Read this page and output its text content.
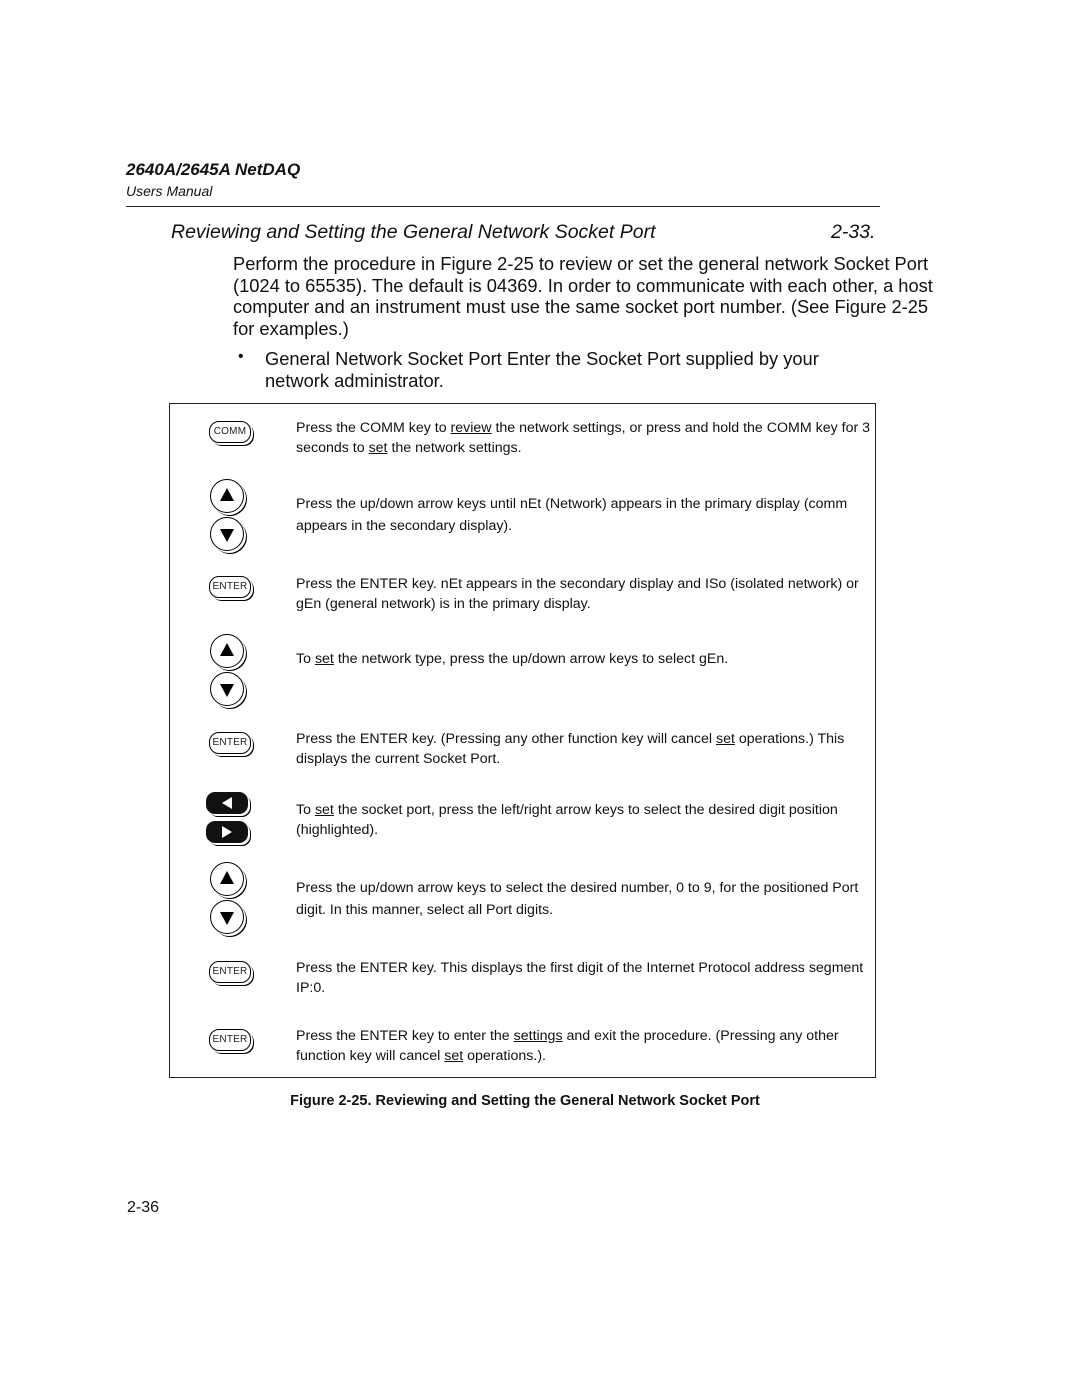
2640A/2645A NetDAQ
Users Manual
Reviewing and Setting the General Network Socket Port	2-33.
Perform the procedure in Figure 2-25 to review or set the general network Socket Port (1024 to 65535). The default is 04369. In order to communicate with each other, a host computer and an instrument must use the same socket port number. (See Figure 2-25 for examples.)
• General Network Socket Port Enter the Socket Port supplied by your network administrator.
COMM	Press the COMM key to review the network settings, or press and hold the COMM key for 3 seconds to set the network settings.
Press the up/down arrow keys until nEt (Network) appears in the primary display (comm appears in the secondary display).
ENTER	Press the ENTER key. nEt appears in the secondary display and ISo (isolated network) or gEn (general network) is in the primary display.
To set the network type, press the up/down arrow keys to select gEn.
ENTER	Press the ENTER key. (Pressing any other function key will cancel set operations.) This displays the current Socket Port.
To set the socket port, press the left/right arrow keys to select the desired digit position (highlighted).
Press the up/down arrow keys to select the desired number, 0 to 9, for the positioned Port digit. In this manner, select all Port digits.
ENTER	Press the ENTER key. This displays the first digit of the Internet Protocol address segment IP:0.
ENTER	Press the ENTER key to enter the settings and exit the procedure. (Pressing any other function key will cancel set operations.).
Figure 2-25. Reviewing and Setting the General Network Socket Port
2-36
